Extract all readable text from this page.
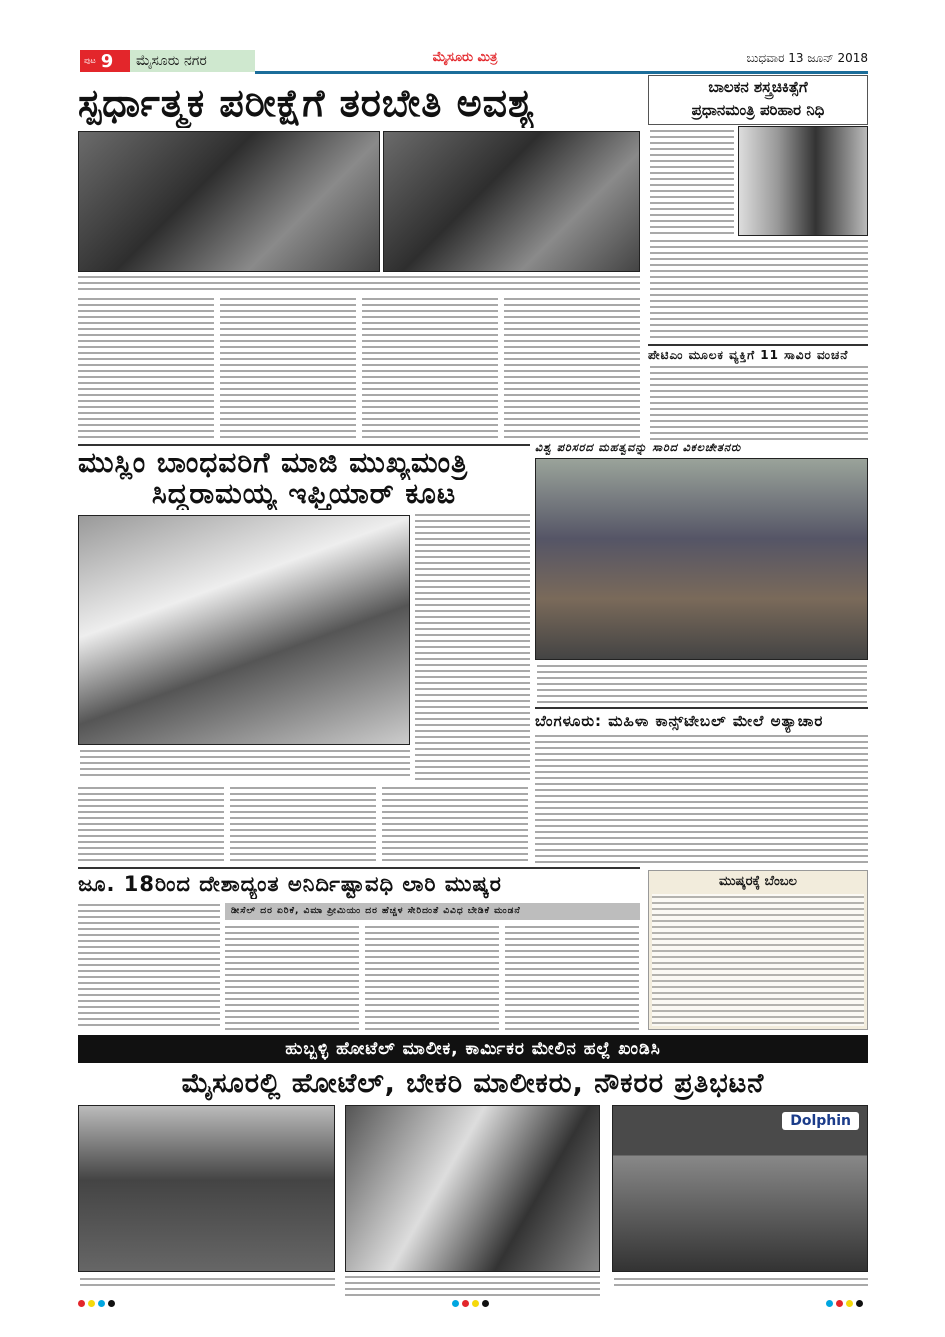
ಪುಟ 9	ಮೈಸೂರು ನಗರ	ಮೈಸೂರು ಮಿತ್ರ	ಬುಧವಾರ 13 ಜೂನ್ 2018
ಸ್ಪರ್ಧಾತ್ಮಕ ಪರೀಕ್ಷೆಗೆ ತರಬೇತಿ ಅವಶ್ಯ	ಬಾಲಕನ ಶಸ್ತ್ರಚಿಕಿತ್ಸೆಗೆ
ಪ್ರಧಾನಮಂತ್ರಿ ಪರಿಹಾರ ನಿಧಿ
ಪೇಟಿಎಂ ಮೂಲಕ ವ್ಯಕ್ತಿಗೆ 11 ಸಾವಿರ ವಂಚನೆ
ಮುಸ್ಲಿಂ ಬಾಂಧವರಿಗೆ ಮಾಜಿ ಮುಖ್ಯಮಂತ್ರಿ
ಸಿದ್ದರಾಮಯ್ಯ ಇಫ್ತಿಯಾರ್ ಕೂಟ
ವಿಶ್ವ ಪರಿಸರದ ಮಹತ್ವವನ್ನು ಸಾರಿದ ವಿಕಲಚೇತನರು
ಬೆಂಗಳೂರು: ಮಹಿಳಾ ಕಾನ್ಸ್‌ಟೇಬಲ್ ಮೇಲೆ ಅತ್ಯಾಚಾರ
ಜೂ. 18ರಿಂದ ದೇಶಾದ್ಯಂತ ಅನಿರ್ದಿಷ್ಟಾವಧಿ ಲಾರಿ ಮುಷ್ಕರ
ಡೀಸೆಲ್ ದರ ಏರಿಕೆ, ವಿಮಾ ಪ್ರೀಮಿಯಂ ದರ ಹೆಚ್ಚಳ ಸೇರಿದಂತೆ ವಿವಿಧ ಬೇಡಿಕೆ ಮಂಡನೆ
ಮುಷ್ಕರಕ್ಕೆ ಬೆಂಬಲ
ಹುಬ್ಬಳ್ಳಿ ಹೋಟೆಲ್ ಮಾಲೀಕ, ಕಾರ್ಮಿಕರ ಮೇಲಿನ ಹಲ್ಲೆ ಖಂಡಿಸಿ
ಮೈಸೂರಲ್ಲಿ ಹೋಟೆಲ್, ಬೇಕರಿ ಮಾಲೀಕರು, ನೌಕರರ ಪ್ರತಿಭಟನೆ
Dolphin
